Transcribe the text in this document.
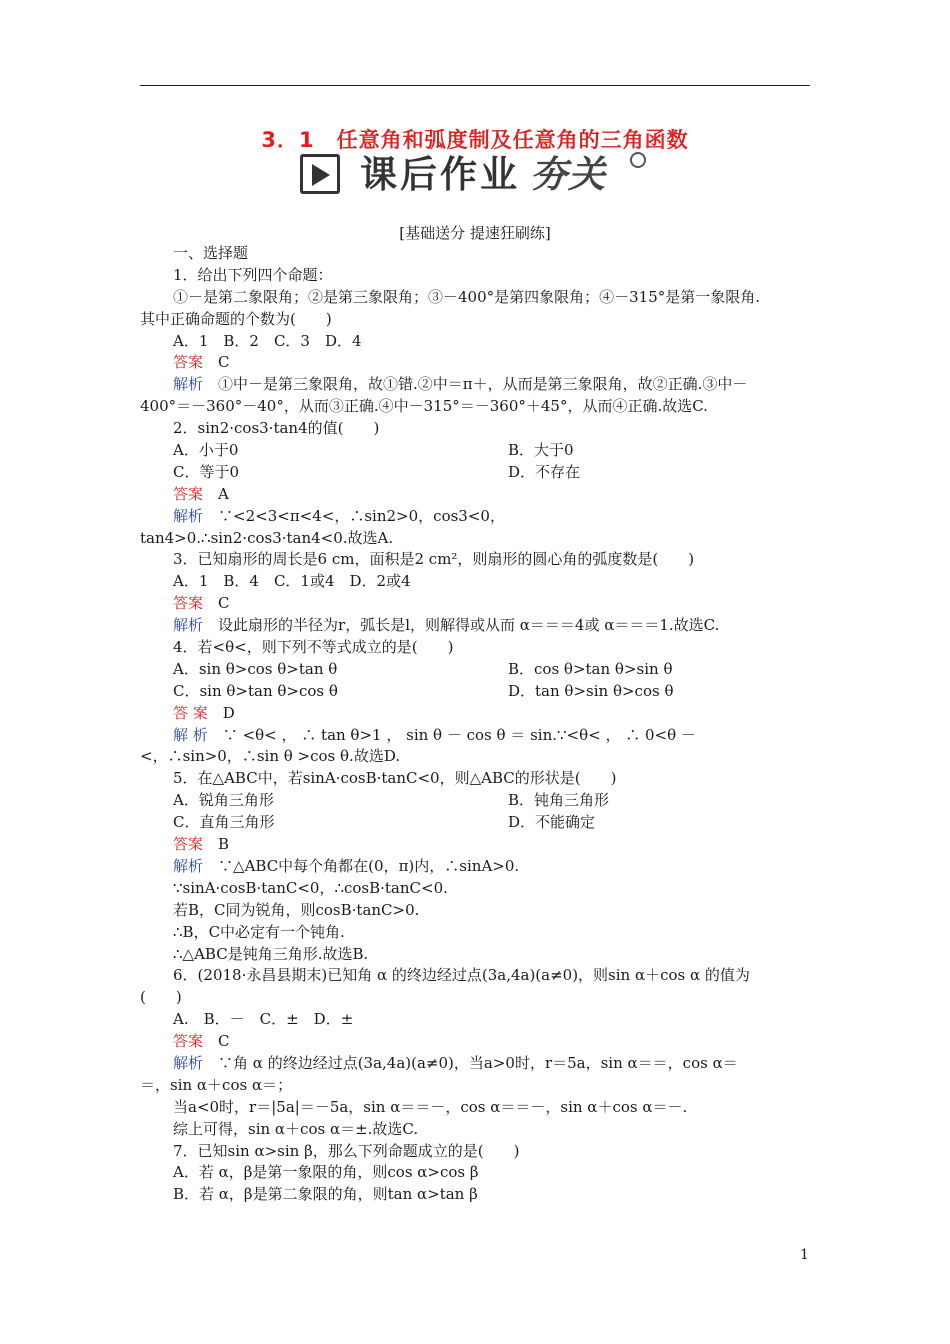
3．1　任意角和弧度制及任意角的三角函数
课后作业 夯关
[基础送分 提速狂刷练]
一、选择题
1．给出下列四个命题：
①－是第二象限角；②是第三象限角；③－400°是第四象限角；④－315°是第一象限角.
其中正确命题的个数为(　　)
A．1　B．2　C．3　D．4
答案　 C
解析　 ①中－是第三象限角，故①错.②中＝π＋，从而是第三象限角，故②正确.③中－
400°＝－360°－40°，从而③正确.④中－315°＝－360°＋45°，从而④正确.故选C.
2．sin2·cos3·tan4的值(　　)
A．小于0	B．大于0
C．等于0	D．不存在
答案　 A
解析　 ∵<2<3<π<4<，∴sin2>0，cos3<0，
tan4>0.∴sin2·cos3·tan4<0.故选A.
3．已知扇形的周长是6 cm，面积是2 cm²，则扇形的圆心角的弧度数是(　　)
A．1　B．4　C．1或4　D．2或4
答案　 C
解析　 设此扇形的半径为r，弧长是l，则解得或从而 α＝＝＝4或 α＝＝＝1.故选C.
4．若<θ<，则下列不等式成立的是(　　)
A．sin θ>cos θ>tan θ	B．cos θ>tan θ>sin θ
C．sin θ>tan θ>cos θ	D．tan θ>sin θ>cos θ
答 案　 D
解 析　 ∵ <θ< ， ∴ tan θ>1 ， sin θ － cos θ ＝ sin.∵<θ< ， ∴ 0<θ －
<，∴sin>0，∴sin θ >cos θ.故选D.
5．在△ABC中，若sinA·cosB·tanC<0，则△ABC的形状是(　　)
A．锐角三角形	B．钝角三角形
C．直角三角形	D．不能确定
答案　 B
解析　 ∵△ABC中每个角都在(0，π)内，∴sinA>0.
∵sinA·cosB·tanC<0，∴cosB·tanC<0.
若B，C同为锐角，则cosB·tanC>0.
∴B，C中必定有一个钝角.
∴△ABC是钝角三角形.故选B.
6．(2018·永昌县期末)已知角 α 的终边经过点(3a,4a)(a≠0)，则sin α＋cos α 的值为
(　　)
A.　B．－　C．±　D．±
答案　 C
解析　 ∵角 α 的终边经过点(3a,4a)(a≠0)，当a>0时，r＝5a，sin α＝＝，cos α＝
＝，sin α＋cos α＝；
当a<0时，r＝|5a|＝－5a，sin α＝＝－，cos α＝＝－，sin α＋cos α＝－.
综上可得，sin α＋cos α＝±.故选C.
7．已知sin α>sin β，那么下列命题成立的是(　　)
A．若 α，β是第一象限的角，则cos α>cos β
B．若 α，β是第二象限的角，则tan α>tan β
1
